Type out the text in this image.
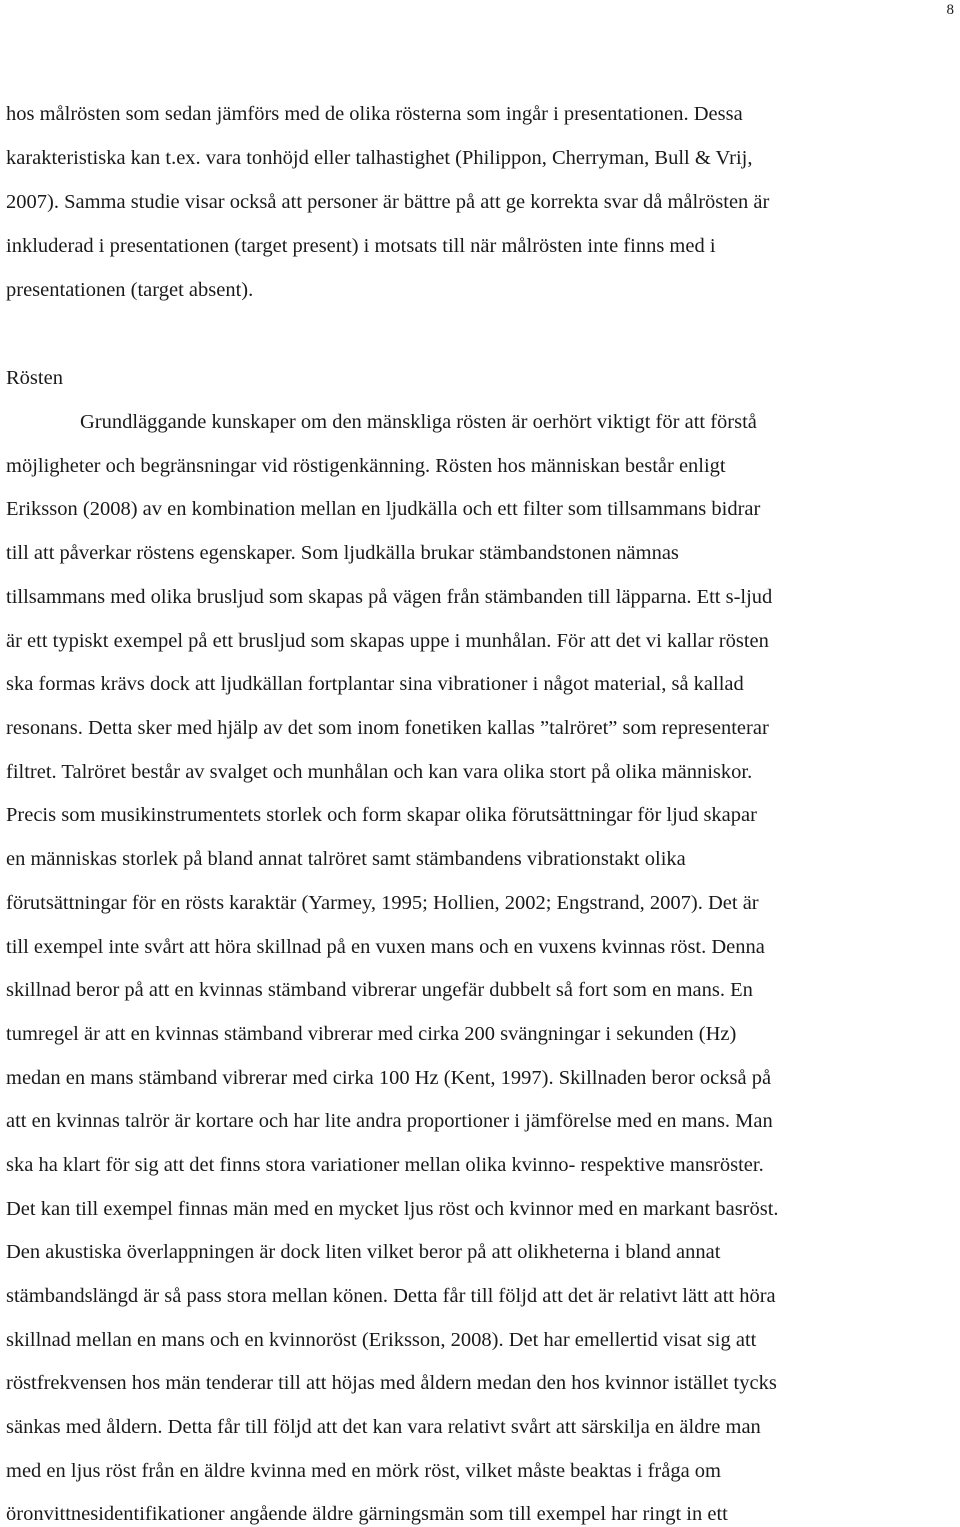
8
hos målrösten som sedan jämförs med de olika rösterna som ingår i presentationen. Dessa
karakteristiska kan t.ex. vara tonhöjd eller talhastighet (Philippon, Cherryman, Bull & Vrij,
2007). Samma studie visar också att personer är bättre på att ge korrekta svar då målrösten är
inkluderad i presentationen (target present) i motsats till när målrösten inte finns med i
presentationen (target absent).
Rösten
Grundläggande kunskaper om den mänskliga rösten är oerhört viktigt för att förstå
möjligheter och begränsningar vid röstigenkänning. Rösten hos människan består enligt
Eriksson (2008) av en kombination mellan en ljudkälla och ett filter som tillsammans bidrar
till att påverkar röstens egenskaper. Som ljudkälla brukar stämbandstonen nämnas
tillsammans med olika brusljud som skapas på vägen från stämbanden till läpparna. Ett s-ljud
är ett typiskt exempel på ett brusljud som skapas uppe i munhålan. För att det vi kallar rösten
ska formas krävs dock att ljudkällan fortplantar sina vibrationer i något material, så kallad
resonans. Detta sker med hjälp av det som inom fonetiken kallas ”talröret” som representerar
filtret. Talröret består av svalget och munhålan och kan vara olika stort på olika människor.
Precis som musikinstrumentets storlek och form skapar olika förutsättningar för ljud skapar
en människas storlek på bland annat talröret samt stämbandens vibrationstakt olika
förutsättningar för en rösts karaktär (Yarmey, 1995; Hollien, 2002; Engstrand, 2007). Det är
till exempel inte svårt att höra skillnad på en vuxen mans och en vuxens kvinnas röst. Denna
skillnad beror på att en kvinnas stämband vibrerar ungefär dubbelt så fort som en mans. En
tumregel är att en kvinnas stämband vibrerar med cirka 200 svängningar i sekunden (Hz)
medan en mans stämband vibrerar med cirka 100 Hz (Kent, 1997). Skillnaden beror också på
att en kvinnas talrör är kortare och har lite andra proportioner i jämförelse med en mans. Man
ska ha klart för sig att det finns stora variationer mellan olika kvinno- respektive mansröster.
Det kan till exempel finnas män med en mycket ljus röst och kvinnor med en markant basröst.
Den akustiska överlappningen är dock liten vilket beror på att olikheterna i bland annat
stämbandslängd är så pass stora mellan könen. Detta får till följd att det är relativt lätt att höra
skillnad mellan en mans och en kvinnoröst (Eriksson, 2008). Det har emellertid visat sig att
röstfrekvensen hos män tenderar till att höjas med åldern medan den hos kvinnor istället tycks
sänkas med åldern. Detta får till följd att det kan vara relativt svårt att särskilja en äldre man
med en ljus röst från en äldre kvinna med en mörk röst, vilket måste beaktas i fråga om
öronvittnesidentifikationer angående äldre gärningsmän som till exempel har ringt in ett
